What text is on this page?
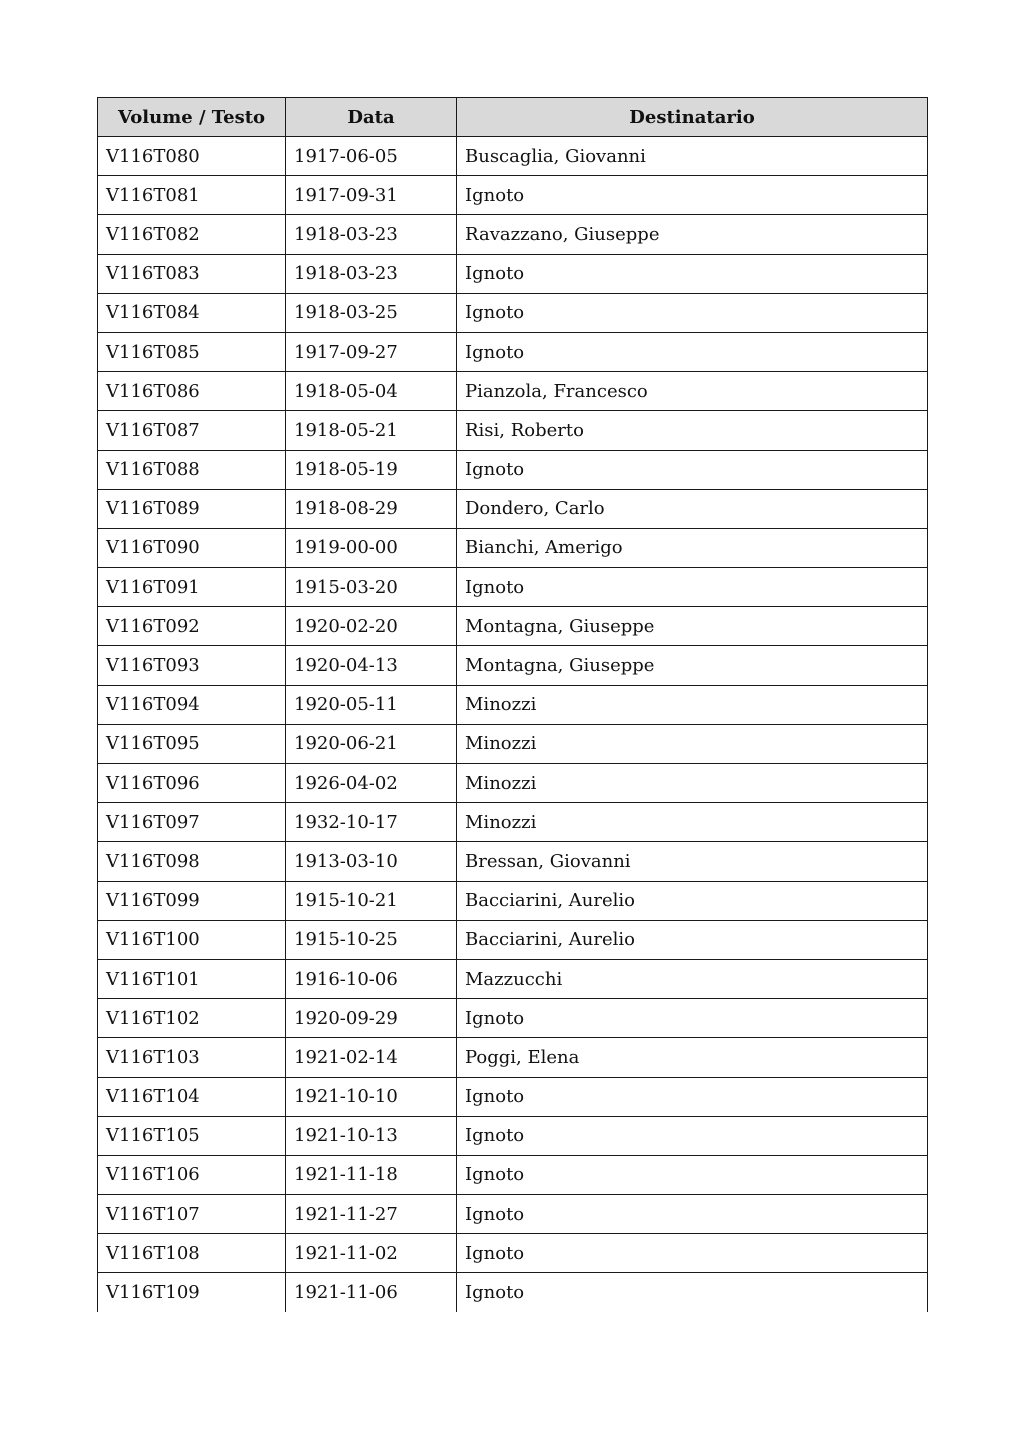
Volume / Testo	Data	Destinatario
V116T080	1917-06-05	Buscaglia, Giovanni
V116T081	1917-09-31	Ignoto
V116T082	1918-03-23	Ravazzano, Giuseppe
V116T083	1918-03-23	Ignoto
V116T084	1918-03-25	Ignoto
V116T085	1917-09-27	Ignoto
V116T086	1918-05-04	Pianzola, Francesco
V116T087	1918-05-21	Risi, Roberto
V116T088	1918-05-19	Ignoto
V116T089	1918-08-29	Dondero, Carlo
V116T090	1919-00-00	Bianchi, Amerigo
V116T091	1915-03-20	Ignoto
V116T092	1920-02-20	Montagna, Giuseppe
V116T093	1920-04-13	Montagna, Giuseppe
V116T094	1920-05-11	Minozzi
V116T095	1920-06-21	Minozzi
V116T096	1926-04-02	Minozzi
V116T097	1932-10-17	Minozzi
V116T098	1913-03-10	Bressan, Giovanni
V116T099	1915-10-21	Bacciarini, Aurelio
V116T100	1915-10-25	Bacciarini, Aurelio
V116T101	1916-10-06	Mazzucchi
V116T102	1920-09-29	Ignoto
V116T103	1921-02-14	Poggi, Elena
V116T104	1921-10-10	Ignoto
V116T105	1921-10-13	Ignoto
V116T106	1921-11-18	Ignoto
V116T107	1921-11-27	Ignoto
V116T108	1921-11-02	Ignoto
V116T109	1921-11-06	Ignoto
